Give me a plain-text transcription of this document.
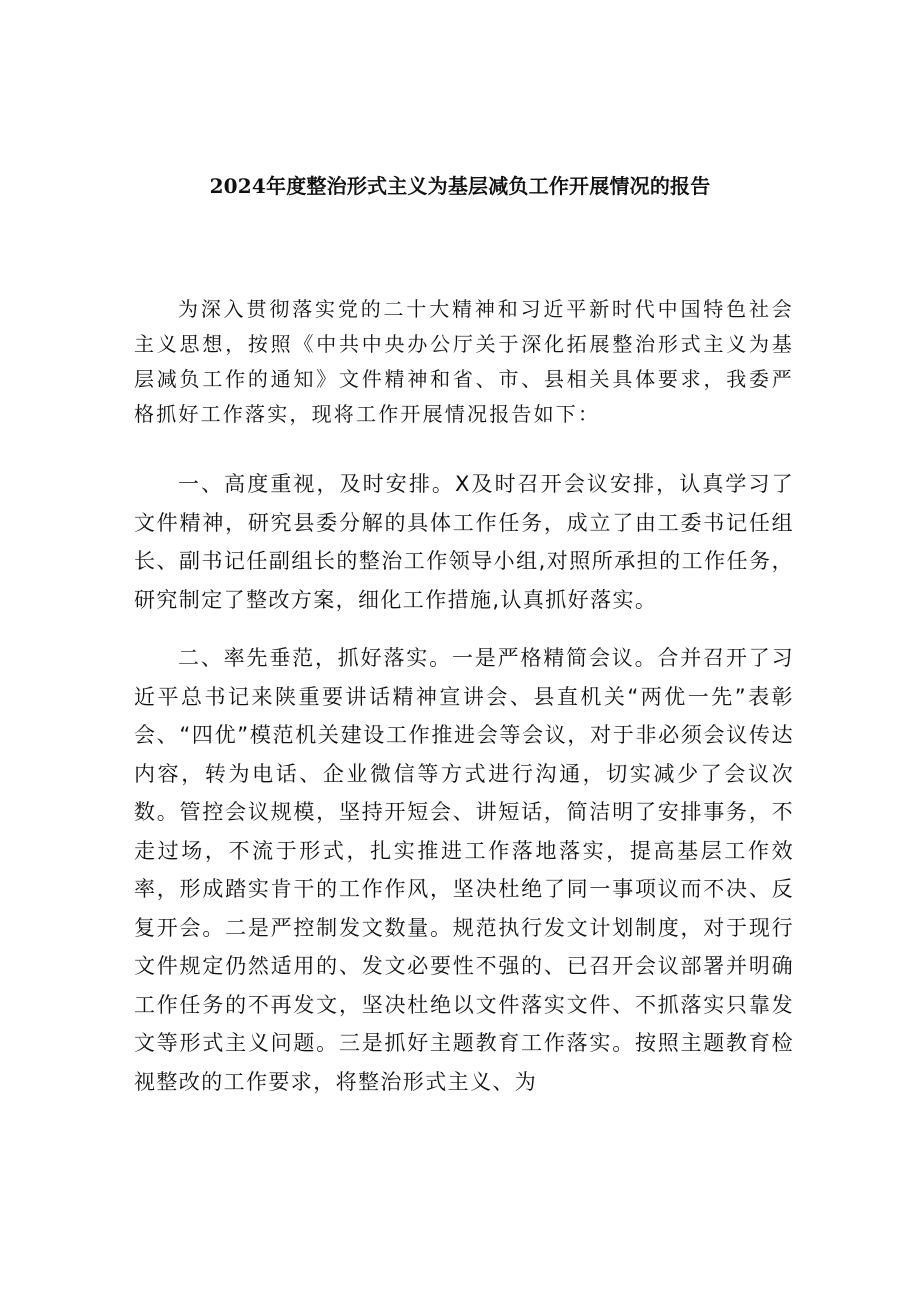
2024年度整治形式主义为基层减负工作开展情况的报告

为深入贯彻落实党的二十大精神和习近平新时代中国特色社会主义思想，按照《中共中央办公厅关于深化拓展整治形式主义为基层减负工作的通知》文件精神和省、市、县相关具体要求，我委严格抓好工作落实，现将工作开展情况报告如下：

一、高度重视，及时安排。X及时召开会议安排，认真学习了文件精神，研究县委分解的具体工作任务，成立了由工委书记任组长、副书记任副组长的整治工作领导小组,对照所承担的工作任务，研究制定了整改方案，细化工作措施,认真抓好落实。

二、率先垂范，抓好落实。一是严格精简会议。合并召开了习近平总书记来陕重要讲话精神宣讲会、县直机关“两优一先”表彰会、“四优”模范机关建设工作推进会等会议，对于非必须会议传达内容，转为电话、企业微信等方式进行沟通，切实减少了会议次数。管控会议规模，坚持开短会、讲短话，简洁明了安排事务，不走过场，不流于形式，扎实推进工作落地落实，提高基层工作效率，形成踏实肯干的工作作风，坚决杜绝了同一事项议而不决、反复开会。二是严控制发文数量。规范执行发文计划制度，对于现行文件规定仍然适用的、发文必要性不强的、已召开会议部署并明确工作任务的不再发文，坚决杜绝以文件落实文件、不抓落实只靠发文等形式主义问题。三是抓好主题教育工作落实。按照主题教育检视整改的工作要求，将整治形式主义、为
